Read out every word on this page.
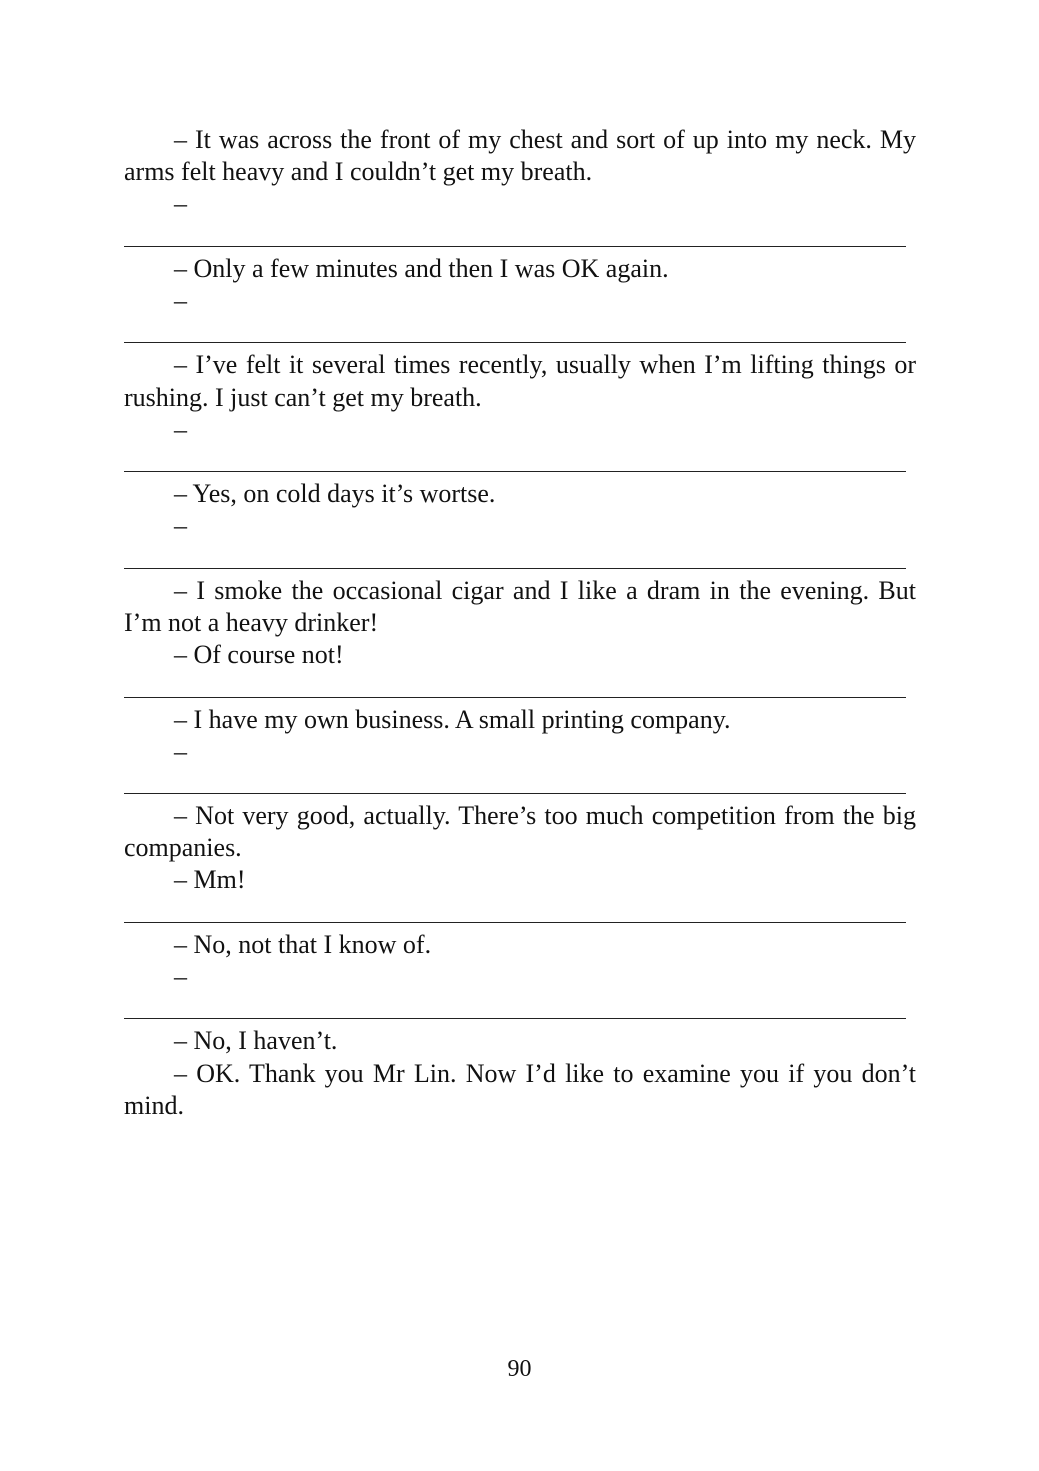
– It was across the front of my chest and sort of up into my neck. My arms felt heavy and I couldn’t get my breath.

–

– Only a few minutes and then I was OK again.

–

– I’ve felt it several times recently, usually when I’m lifting things or rushing. I just can’t get my breath.

–

– Yes, on cold days it’s wortse.

–

– I smoke the occasional cigar and I like a dram in the evening. But I’m not a heavy drinker!

– Of course not!

– I have my own business. A small printing company.

–

– Not very good, actually. There’s too much competition from the big companies.

– Mm!

– No, not that I know of.

–

– No, I haven’t.

– OK. Thank you Mr Lin. Now I’d like to examine you if you don’t mind.

90
